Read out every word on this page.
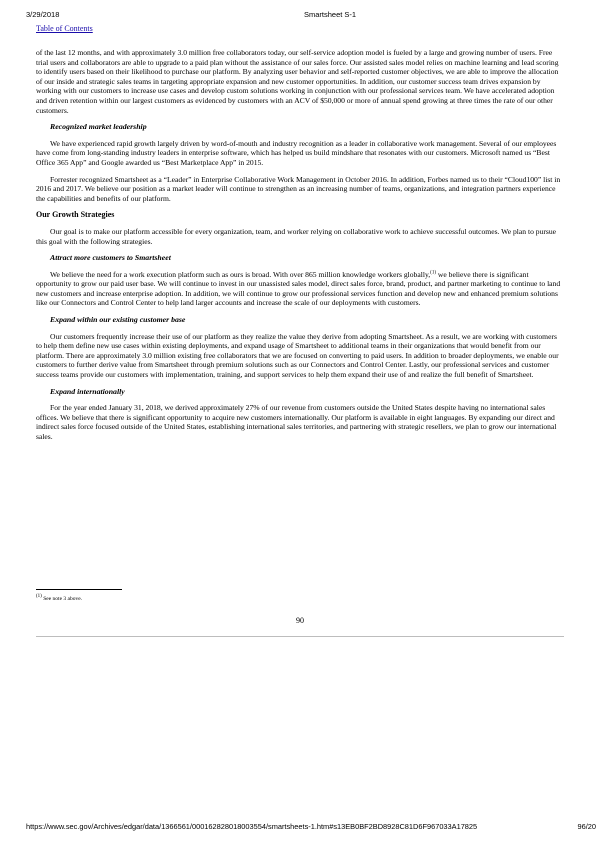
3/29/2018	Smartsheet S-1
Table of Contents

of the last 12 months, and with approximately 3.0 million free collaborators today, our self-service adoption model is fueled by a large and growing number of users. Free trial users and collaborators are able to upgrade to a paid plan without the assistance of our sales force. Our assisted sales model relies on machine learning and lead scoring to identify users based on their likelihood to purchase our platform. By analyzing user behavior and self-reported customer objectives, we are able to improve the allocation of our inside and strategic sales teams in targeting appropriate expansion and new customer opportunities. In addition, our customer success team drives expansion by working with our customers to increase use cases and develop custom solutions working in conjunction with our professional services team. We have accelerated adoption and driven retention within our largest customers as evidenced by customers with an ACV of $50,000 or more of annual spend growing at three times the rate of our other customers.

Recognized market leadership

We have experienced rapid growth largely driven by word-of-mouth and industry recognition as a leader in collaborative work management. Several of our employees have come from long-standing industry leaders in enterprise software, which has helped us build mindshare that resonates with our customers. Microsoft named us “Best Office 365 App” and Google awarded us “Best Marketplace App” in 2015.

Forrester recognized Smartsheet as a “Leader” in Enterprise Collaborative Work Management in October 2016. In addition, Forbes named us to their “Cloud100” list in 2016 and 2017. We believe our position as a market leader will continue to strengthen as an increasing number of teams, organizations, and integration partners experience the capabilities and benefits of our platform.

Our Growth Strategies

Our goal is to make our platform accessible for every organization, team, and worker relying on collaborative work to achieve successful outcomes. We plan to pursue this goal with the following strategies.

Attract more customers to Smartsheet

We believe the need for a work execution platform such as ours is broad. With over 865 million knowledge workers globally,$^{(1)}$ we believe there is significant opportunity to grow our paid user base. We will continue to invest in our unassisted sales model, direct sales force, brand, product, and partner marketing to continue to land new customers and increase enterprise adoption. In addition, we will continue to grow our professional services function and develop new and enhanced premium solutions like our Connectors and Control Center to help land larger accounts and increase the scale of our deployments with customers.

Expand within our existing customer base

Our customers frequently increase their use of our platform as they realize the value they derive from adopting Smartsheet. As a result, we are working with customers to help them define new use cases within existing deployments, and expand usage of Smartsheet to additional teams in their organizations that would benefit from our platform. There are approximately 3.0 million existing free collaborators that we are focused on converting to paid users. In addition to broader deployments, we enable our customers to further derive value from Smartsheet through premium solutions such as our Connectors and Control Center. Lastly, our professional services and customer success teams provide our customers with implementation, training, and support services to help them expand their use of and realize the full benefit of Smartsheet.

Expand internationally

For the year ended January 31, 2018, we derived approximately 27% of our revenue from customers outside the United States despite having no international sales offices. We believe that there is significant opportunity to acquire new customers internationally. Our platform is available in eight languages. By expanding our direct and indirect sales force focused outside of the United States, establishing international sales territories, and partnering with strategic resellers, we plan to grow our international sales.

$^{(1)}$ See note 3 above.
90
https://www.sec.gov/Archives/edgar/data/1366561/000162828018003554/smartsheets-1.htm#s13EB0BF2BD8928C81D6F967033A17825	96/20
